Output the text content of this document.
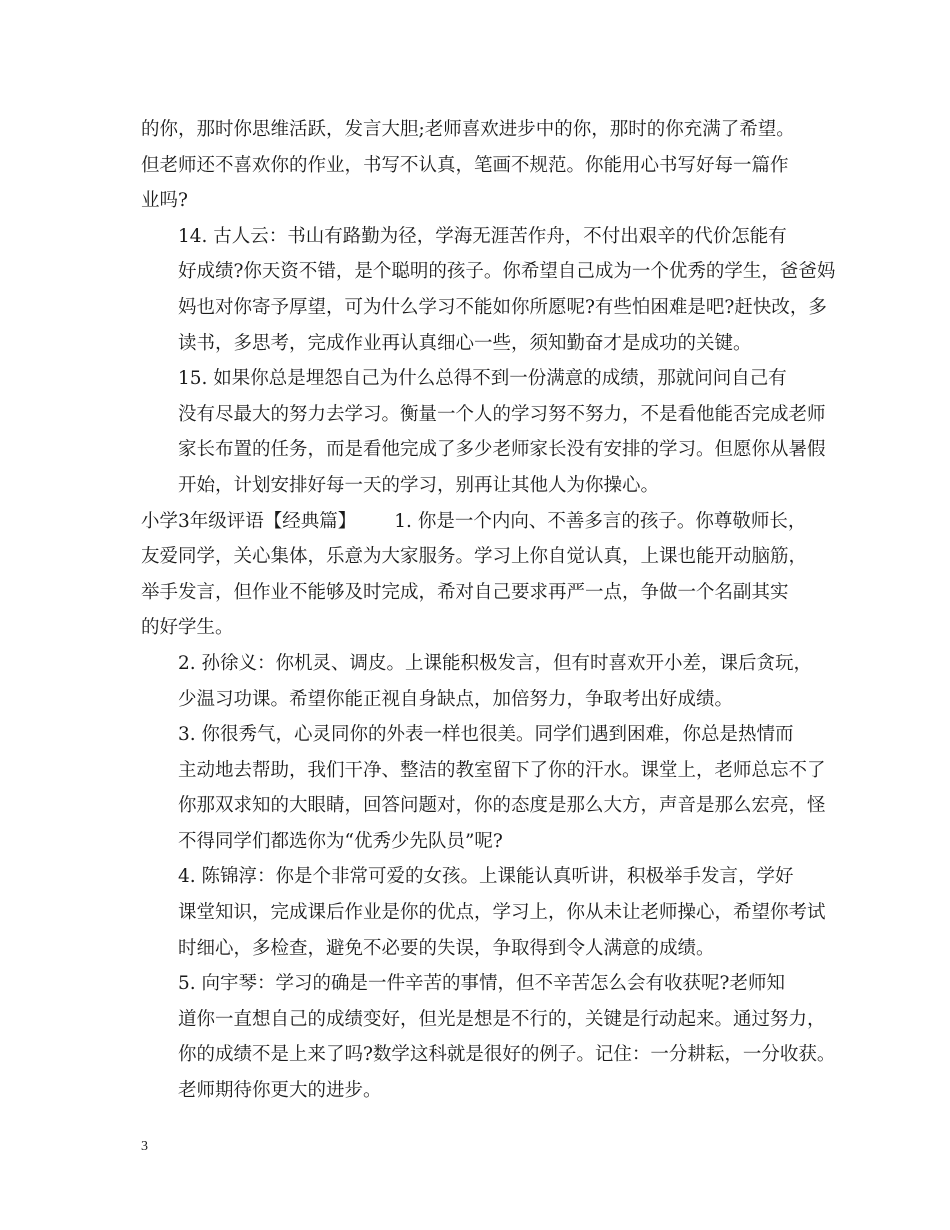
的你，那时你思维活跃，发言大胆;老师喜欢进步中的你，那时的你充满了希望。
但老师还不喜欢你的作业，书写不认真，笔画不规范。你能用心书写好每一篇作
业吗?

14. 古人云：书山有路勤为径，学海无涯苦作舟，不付出艰辛的代价怎能有
好成绩?你天资不错，是个聪明的孩子。你希望自己成为一个优秀的学生，爸爸妈
妈也对你寄予厚望，可为什么学习不能如你所愿呢?有些怕困难是吧?赶快改，多
读书，多思考，完成作业再认真细心一些，须知勤奋才是成功的关键。

15. 如果你总是埋怨自己为什么总得不到一份满意的成绩，那就问问自己有
没有尽最大的努力去学习。衡量一个人的学习努不努力，不是看他能否完成老师
家长布置的任务，而是看他完成了多少老师家长没有安排的学习。但愿你从暑假
开始，计划安排好每一天的学习，别再让其他人为你操心。

小学3年级评语【经典篇】 1. 你是一个内向、不善多言的孩子。你尊敬师长，
友爱同学，关心集体，乐意为大家服务。学习上你自觉认真，上课也能开动脑筋，
举手发言，但作业不能够及时完成，希对自己要求再严一点，争做一个名副其实
的好学生。

2. 孙徐义：你机灵、调皮。上课能积极发言，但有时喜欢开小差，课后贪玩，
少温习功课。希望你能正视自身缺点，加倍努力，争取考出好成绩。

3. 你很秀气，心灵同你的外表一样也很美。同学们遇到困难，你总是热情而
主动地去帮助，我们干净、整洁的教室留下了你的汗水。课堂上，老师总忘不了
你那双求知的大眼睛，回答问题对，你的态度是那么大方，声音是那么宏亮，怪
不得同学们都选你为“优秀少先队员”呢?

4. 陈锦淳：你是个非常可爱的女孩。上课能认真听讲，积极举手发言，学好
课堂知识，完成课后作业是你的优点，学习上，你从未让老师操心，希望你考试
时细心，多检查，避免不必要的失误，争取得到令人满意的成绩。

5. 向宇琴：学习的确是一件辛苦的事情，但不辛苦怎么会有收获呢?老师知
道你一直想自己的成绩变好，但光是想是不行的，关键是行动起来。通过努力，
你的成绩不是上来了吗?数学这科就是很好的例子。记住：一分耕耘，一分收获。
老师期待你更大的进步。

3
